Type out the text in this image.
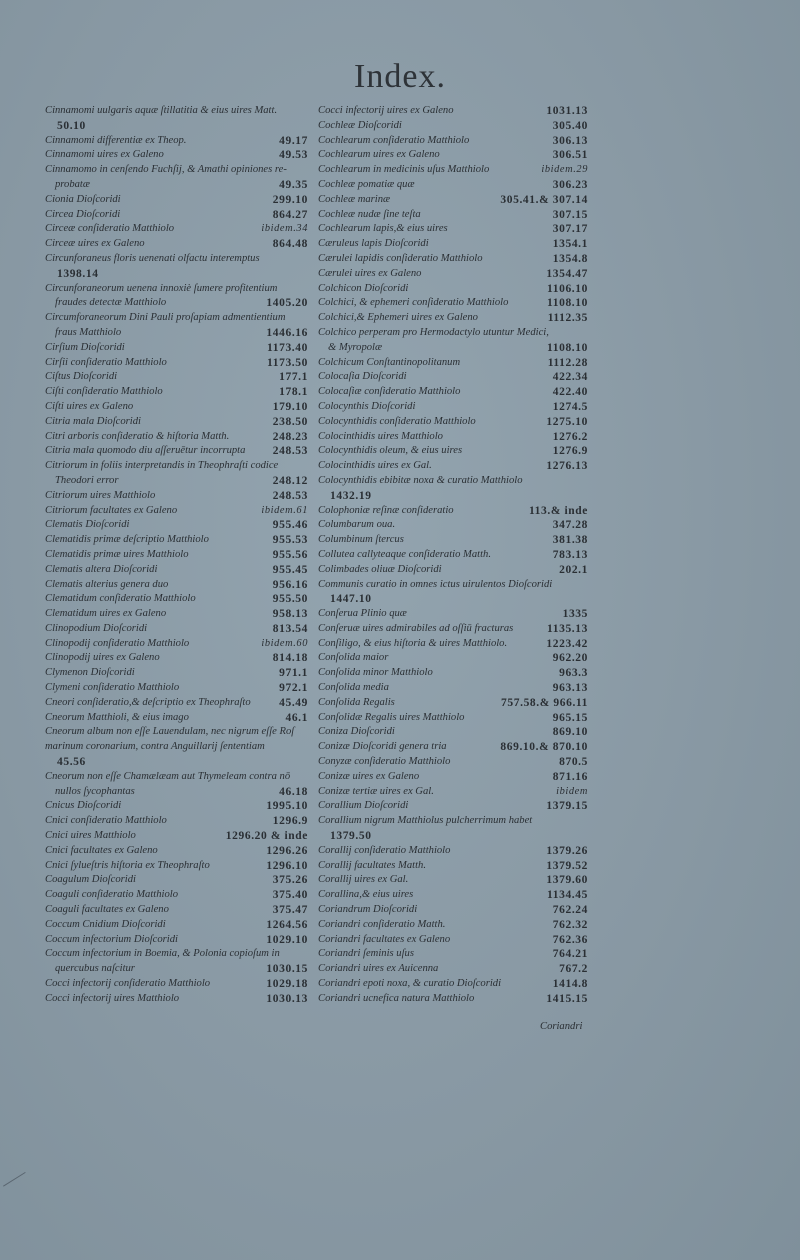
Index.
Cinnamomi uulgaris aquæ ſtillatitia & eius uires Matt.
50.10
49.17
Cinnamomi differentiæ ex Theop.
49.53
Cinnamomi uires ex Galeno
Cinnamomo in cenſendo Fuchſij, & Amathi opiniones re-
49.35
probatæ
299.10
Cionia Dioſcoridi
864.27
Circea Dioſcoridi
ibidem.34
Circeæ conſideratio Matthiolo
864.48
Circeæ uires ex Galeno
Circunforaneus floris uenenati olfactu interemptus
1398.14
Circunforaneorum uenena innoxiè ſumere profitentium
1405.20
fraudes detectæ Matthiolo
Circumforaneorum Dini Pauli proſapiam admentientium
1446.16
fraus Matthiolo
1173.40
Cirſium Dioſcoridi
1173.50
Cirſii conſideratio Matthiolo
177.1
Ciſtus Dioſcoridi
178.1
Ciſti conſideratio Matthiolo
179.10
Ciſti uires ex Galeno
238.50
Citria mala Dioſcoridi
248.23
Citri arboris conſideratio & hiſtoria Matth.
248.53
Citria mala quomodo diu aſſeruētur incorrupta
Citriorum in foliis interpretandis in Theophraſti codice
248.12
Theodori error
248.53
Citriorum uires Matthiolo
ibidem.61
Citriorum facultates ex Galeno
955.46
Clematis Dioſcoridi
955.53
Clematidis primæ deſcriptio Matthiolo
955.56
Clematidis primæ uires Matthiolo
955.45
Clematis altera Dioſcoridi
956.16
Clematis alterius genera duo
955.50
Clematidum conſideratio Matthiolo
958.13
Clematidum uires ex Galeno
813.54
Clinopodium Dioſcoridi
ibidem.60
Clinopodij conſideratio Matthiolo
814.18
Clinopodij uires ex Galeno
971.1
Clymenon Dioſcoridi
972.1
Clymeni conſideratio Matthiolo
45.49
Cneori conſideratio,& deſcriptio ex Theophraſto
46.1
Cneorum Matthioli, & eius imago
Cneorum album non eſſe Lauendulam, nec nigrum eſſe Roſ
marinum coronarium, contra Anguillarij ſententiam
45.56
Cneorum non eſſe Chamælæam aut Thymeleam contra nō
46.18
nullos ſycophantas
1995.10
Cnicus Dioſcoridi
1296.9
Cnici conſideratio Matthiolo
1296.20 & inde
Cnici uires Matthiolo
1296.26
Cnici facultates ex Galeno
1296.10
Cnici ſylueſtris hiſtoria ex Theophraſto
375.26
Coagulum Dioſcoridi
375.40
Coaguli conſideratio Matthiolo
375.47
Coaguli facultates ex Galeno
1264.56
Coccum Cnidium Dioſcoridi
1029.10
Coccum infectorium Dioſcoridi
Coccum infectorium in Boemia, & Polonia copioſum in
1030.15
quercubus naſcitur
1029.18
Cocci infectorij conſideratio Matthiolo
1030.13
Cocci infectorij uires Matthiolo
1031.13
Cocci infectorij uires ex Galeno
305.40
Cochleæ Dioſcoridi
306.13
Cochlearum conſideratio Matthiolo
306.51
Cochlearum uires ex Galeno
ibidem.29
Cochlearum in medicinis uſus Matthiolo
306.23
Cochleæ pomatiæ quæ
305.41.& 307.14
Cochleæ marinæ
307.15
Cochleæ nudæ ſine teſta
307.17
Cochlearum lapis,& eius uires
1354.1
Cæruleus lapis Dioſcoridi
1354.8
Cærulei lapidis conſideratio Matthiolo
1354.47
Cærulei uires ex Galeno
1106.10
Colchicon Dioſcoridi
1108.10
Colchici, & ephemeri conſideratio Matthiolo
1112.35
Colchici,& Ephemeri uires ex Galeno
Colchico perperam pro Hermodactylo utuntur Medici,
1108.10
& Myropolæ
1112.28
Colchicum Conſtantinopolitanum
422.34
Colocaſia Dioſcoridi
422.40
Colocaſiæ conſideratio Matthiolo
1274.5
Colocynthis Dioſcoridi
1275.10
Colocynthidis conſideratio Matthiolo
1276.2
Colocinthidis uires Matthiolo
1276.9
Colocynthidis oleum, & eius uires
1276.13
Colocinthidis uires ex Gal.
Colocynthidis ebibitæ noxa & curatio Matthiolo
1432.19
113.& inde
Colophoniæ reſinæ conſideratio
347.28
Columbarum oua.
381.38
Columbinum ſtercus
783.13
Collutea callyteaque conſideratio Matth.
202.1
Colimbades oliuæ Dioſcoridi
Communis curatio in omnes ictus uirulentos Dioſcoridi
1447.10
1335
Conſerua Plinio quæ
1135.13
Conſeruæ uires admirabiles ad oſſiū fracturas
1223.42
Conſiligo, & eius hiſtoria & uires Matthiolo.
962.20
Conſolida maior
963.3
Conſolida minor Matthiolo
963.13
Conſolida media
757.58.& 966.11
Conſolida Regalis
965.15
Conſolidæ Regalis uires Matthiolo
869.10
Coniza Dioſcoridi
869.10.& 870.10
Conizæ Dioſcoridi genera tria
870.5
Conyzæ conſideratio Matthiolo
871.16
Conizæ uires ex Galeno
ibidem
Conizæ tertiæ uires ex Gal.
1379.15
Corallium Dioſcoridi
Corallium nigrum Matthiolus pulcherrimum habet
1379.50
1379.26
Corallij conſideratio Matthiolo
1379.52
Corallij facultates Matth.
1379.60
Corallij uires ex Gal.
1134.45
Corallina,& eius uires
762.24
Coriandrum Dioſcoridi
762.32
Coriandri conſideratio Matth.
762.36
Coriandri facultates ex Galeno
764.21
Coriandri ſeminis uſus
767.2
Coriandri uires ex Auicenna
1414.8
Coriandri epoti noxa, & curatio Dioſcoridi
1415.15
Coriandri ucnefica natura Matthiolo
Coriandri
